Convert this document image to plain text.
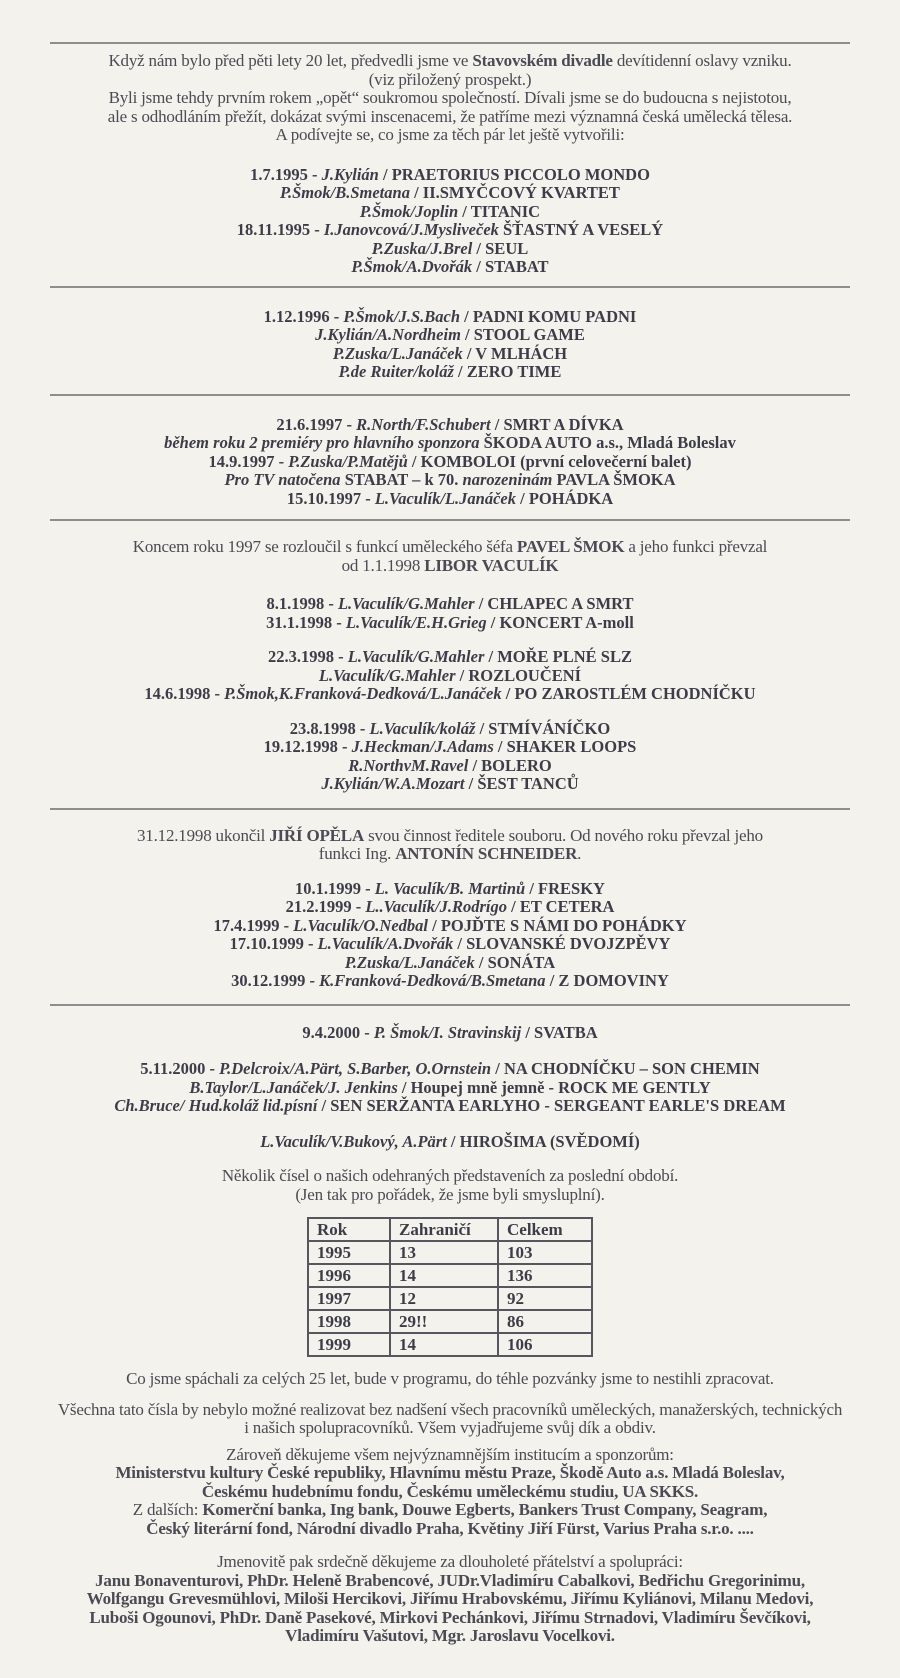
Když nám bylo před pěti lety 20 let, předvedli jsme ve Stavovském divadle devítidenní oslavy vzniku.
(viz přiložený prospekt.)
Byli jsme tehdy prvním rokem „opět“ soukromou společností. Dívali jsme se do budoucna s nejistotou,
ale s odhodláním přežít, dokázat svými inscenacemi, že patříme mezi významná česká umělecká tělesa.
A podívejte se, co jsme za těch pár let ještě vytvořili:
1.7.1995 - J.Kylián / PRAETORIUS PICCOLO MONDO
P.Šmok/B.Smetana / II.SMYČCOVÝ KVARTET
P.Šmok/Joplin / TITANIC
18.11.1995 - I.Janovcová/J.Mysliveček ŠŤASTNÝ A VESELÝ
P.Zuska/J.Brel / SEUL
P.Šmok/A.Dvořák / STABAT
1.12.1996 - P.Šmok/J.S.Bach / PADNI KOMU PADNI
J.Kylián/A.Nordheim / STOOL GAME
P.Zuska/L.Janáček / V MLHÁCH
P.de Ruiter/koláž / ZERO TIME
21.6.1997 - R.North/F.Schubert / SMRT A DÍVKA
během roku 2 premiéry pro hlavního sponzora ŠKODA AUTO a.s., Mladá Boleslav
14.9.1997 - P.Zuska/P.Matějů / KOMBOLOI (první celovečerní balet)
Pro TV natočena STABAT – k 70. narozeninám PAVLA ŠMOKA
15.10.1997 - L.Vaculík/L.Janáček / POHÁDKA
Koncem roku 1997 se rozloučil s funkcí uměleckého šéfa PAVEL ŠMOK a jeho funkci převzal
od 1.1.1998 LIBOR VACULÍK
8.1.1998 - L.Vaculík/G.Mahler / CHLAPEC A SMRT
31.1.1998 - L.Vaculík/E.H.Grieg / KONCERT A-moll
22.3.1998 - L.Vaculík/G.Mahler / MOŘE PLNÉ SLZ
L.Vaculík/G.Mahler / ROZLOUČENÍ
14.6.1998 - P.Šmok,K.Franková-Dedková/L.Janáček / PO ZAROSTLÉM CHODNÍČKU
23.8.1998 - L.Vaculík/koláž / STMÍVÁNÍČKO
19.12.1998 - J.Heckman/J.Adams / SHAKER LOOPS
R.NorthvM.Ravel / BOLERO
J.Kylián/W.A.Mozart / ŠEST TANCŮ
31.12.1998 ukončil JIŘÍ OPĚLA svou činnost ředitele souboru. Od nového roku převzal jeho
funkci Ing. ANTONÍN SCHNEIDER.
10.1.1999 - L. Vaculík/B. Martinů / FRESKY
21.2.1999 - L..Vaculík/J.Rodrígo / ET CETERA
17.4.1999 - L.Vaculík/O.Nedbal / POJĎTE S NÁMI DO POHÁDKY
17.10.1999 - L.Vaculík/A.Dvořák / SLOVANSKÉ DVOJZPĚVY
P.Zuska/L.Janáček / SONÁTA
30.12.1999 - K.Franková-Dedková/B.Smetana / Z DOMOVINY
9.4.2000 - P. Šmok/I. Stravinskij / SVATBA
5.11.2000 - P.Delcroix/A.Pärt, S.Barber, O.Ornstein / NA CHODNÍČKU – SON CHEMIN
B.Taylor/L.Janáček/J. Jenkins / Houpej mně jemně - ROCK ME GENTLY
Ch.Bruce/ Hud.koláž lid.písní / SEN SERŽANTA EARLYHO - SERGEANT EARLE'S DREAM
L.Vaculík/V.Bukový, A.Pärt / HIROŠIMA (SVĚDOMÍ)
Několik čísel o našich odehraných představeních za poslední období.
(Jen tak pro pořádek, že jsme byli smysluplní).
Rok	Zahraničí	Celkem
1995	13	103
1996	14	136
1997	12	92
1998	29!!	86
1999	14	106
Co jsme spáchali za celých 25 let, bude v programu, do téhle pozvánky jsme to nestihli zpracovat.
Všechna tato čísla by nebylo možné realizovat bez nadšení všech pracovníků uměleckých, manažerských, technických
i našich spolupracovníků. Všem vyjadřujeme svůj dík a obdiv.
Zároveň děkujeme všem nejvýznamnějším institucím a sponzorům:
Ministerstvu kultury České republiky, Hlavnímu městu Praze, Škodě Auto a.s. Mladá Boleslav,
Českému hudebnímu fondu, Českému uměleckému studiu, UA SKKS.
Z dalších: Komerční banka, Ing bank, Douwe Egberts, Bankers Trust Company, Seagram,
Český literární fond, Národní divadlo Praha, Květiny Jiří Fürst, Varius Praha s.r.o. ....
Jmenovitě pak srdečně děkujeme za dlouholeté přátelství a spolupráci:
Janu Bonaventurovi, PhDr. Heleně Brabencové, JUDr.Vladimíru Cabalkovi, Bedřichu Gregorinimu,
Wolfgangu Grevesmühlovi, Miloši Hercikovi, Jiřímu Hrabovskému, Jiřímu Kyliánovi, Milanu Medovi,
Luboši Ogounovi, PhDr. Daně Pasekové, Mirkovi Pechánkovi, Jiřímu Strnadovi, Vladimíru Ševčíkovi,
Vladimíru Vašutovi, Mgr. Jaroslavu Vocelkovi.
